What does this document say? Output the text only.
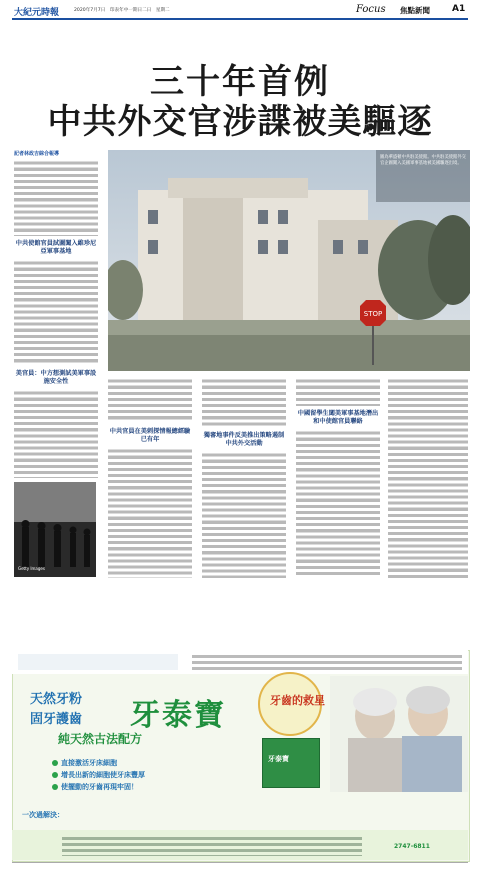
大紀元時報	2020年7月7日　印表年中一期日二日　星期二	Focus 焦點新聞 A1
三十年首例
中共外交官涉諜被美驅逐
記者林政吉綜合報導
STOP
圖為華盛頓中共駐美使館。中共駐美使館外交官企圖闖入美國軍事基地被美國驅逐出境。
Getty Images
中共使館官員試圖闖入維珍尼亞軍事基地
美官員：中方想測試美軍事設施安全性
中共官員在美刺探情報總經驗已有年
獨審地事件反美推出策略遏制中共外交活動
中國留學生闖美軍事基地潛出和中使館官員聯絡
天然牙粉
固牙護齒 牙泰寶
純天然古法配方
直接激活牙床細胞
增長出新的細胞使牙床豐厚
使擺動的牙齒再現牢固！
一次過解決：
牙齒的救星
牙泰寶
2747-6811
